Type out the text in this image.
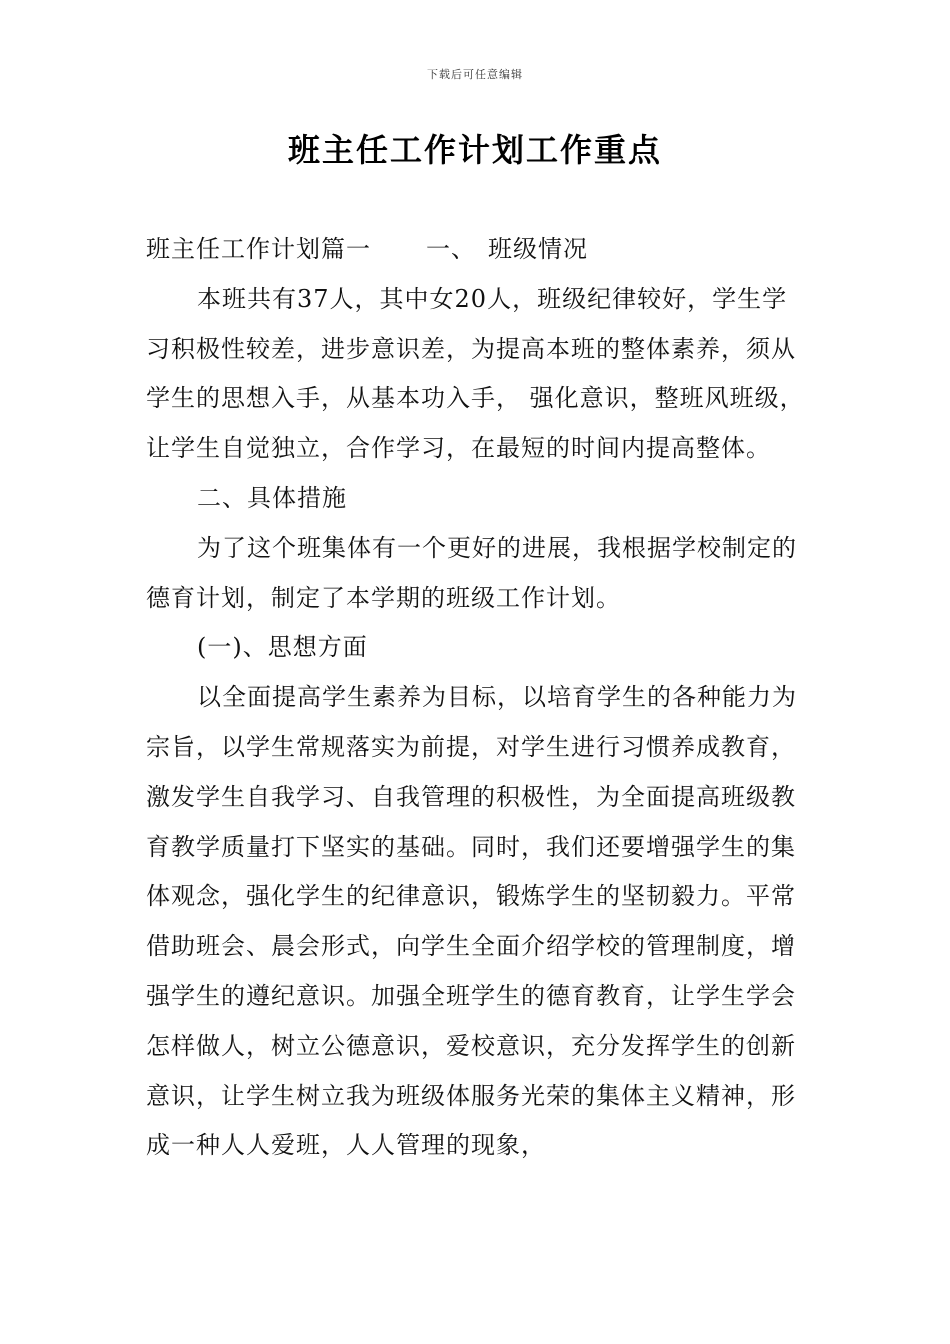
下载后可任意编辑
班主任工作计划工作重点

班主任工作计划篇一 一、 班级情况

本班共有37人，其中女20人，班级纪律较好，学生学习积极性较差，进步意识差，为提高本班的整体素养，须从学生的思想入手，从基本功入手， 强化意识，整班风班级，让学生自觉独立，合作学习，在最短的时间内提高整体。

二、具体措施

为了这个班集体有一个更好的进展，我根据学校制定的德育计划，制定了本学期的班级工作计划。

(一)、思想方面

以全面提高学生素养为目标，以培育学生的各种能力为宗旨，以学生常规落实为前提，对学生进行习惯养成教育，激发学生自我学习、自我管理的积极性，为全面提高班级教育教学质量打下坚实的基础。同时，我们还要增强学生的集体观念，强化学生的纪律意识，锻炼学生的坚韧毅力。平常借助班会、晨会形式，向学生全面介绍学校的管理制度，增强学生的遵纪意识。加强全班学生的德育教育，让学生学会怎样做人，树立公德意识，爱校意识，充分发挥学生的创新意识，让学生树立我为班级体服务光荣的集体主义精神，形成一种人人爱班，人人管理的现象，
